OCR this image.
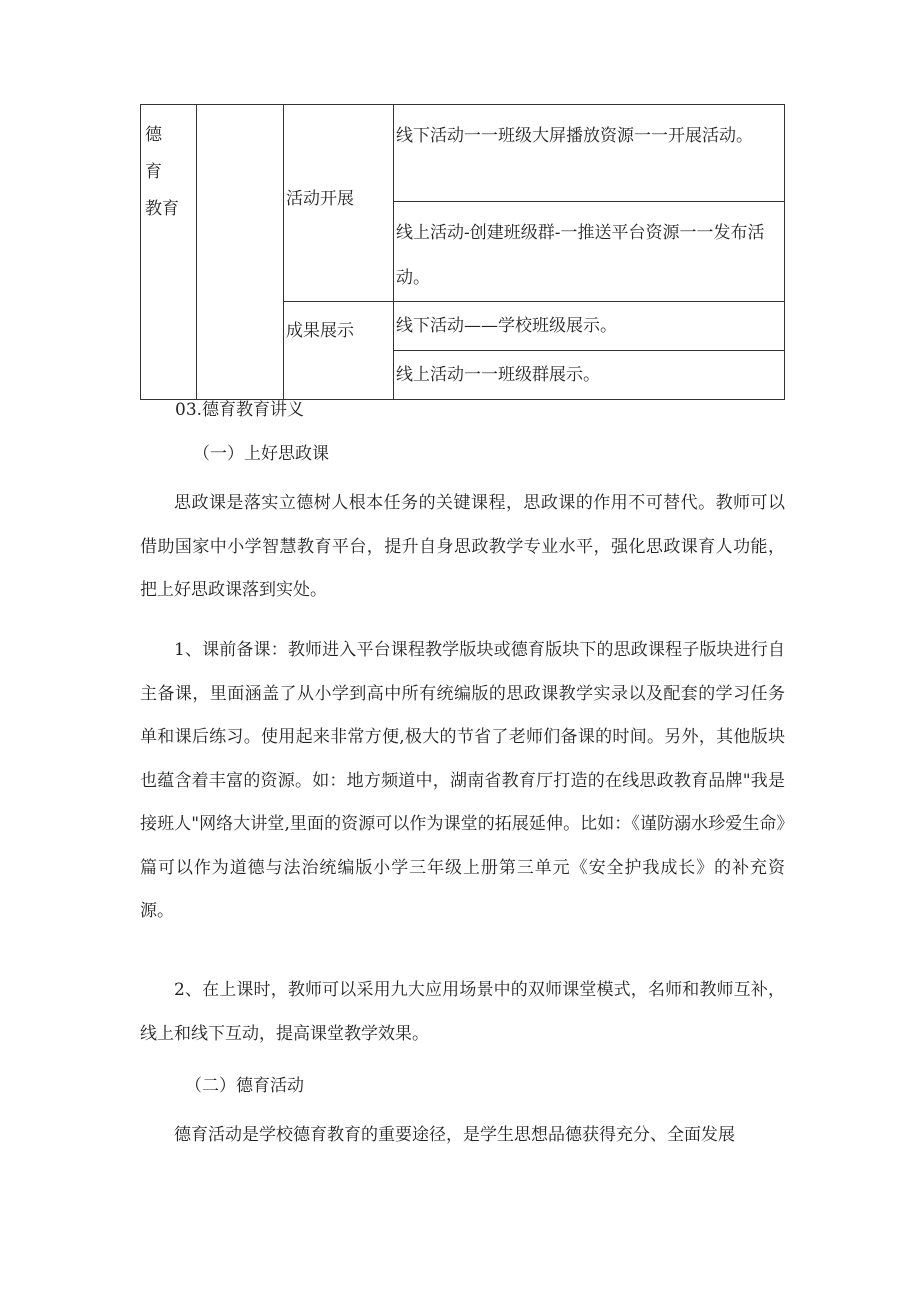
德　育
教育		活动开展	线下活动一一班级大屏播放资源一一开展活动。
			线上活动-创建班级群-一推送平台资源一一发布活动。
		成果展示	线下活动——学校班级展示。
			线上活动一一班级群展示。
03.德育教育讲义
（一）上好思政课

思政课是落实立德树人根本任务的关键课程，思政课的作用不可替代。教师可以借助国家中小学智慧教育平台，提升自身思政教学专业水平，强化思政课育人功能，把上好思政课落到实处。

1、课前备课：教师进入平台课程教学版块或德育版块下的思政课程子版块进行自主备课，里面涵盖了从小学到高中所有统编版的思政课教学实录以及配套的学习任务单和课后练习。使用起来非常方便,极大的节省了老师们备课的时间。另外，其他版块也蕴含着丰富的资源。如：地方频道中，湖南省教育厅打造的在线思政教育品牌"我是接班人"网络大讲堂,里面的资源可以作为课堂的拓展延伸。比如：《谨防溺水珍爱生命》篇可以作为道德与法治统编版小学三年级上册第三单元《安全护我成长》的补充资源。

2、在上课时，教师可以采用九大应用场景中的双师课堂模式，名师和教师互补，线上和线下互动，提高课堂教学效果。

（二）德育活动

德育活动是学校德育教育的重要途径，是学生思想品德获得充分、全面发展
